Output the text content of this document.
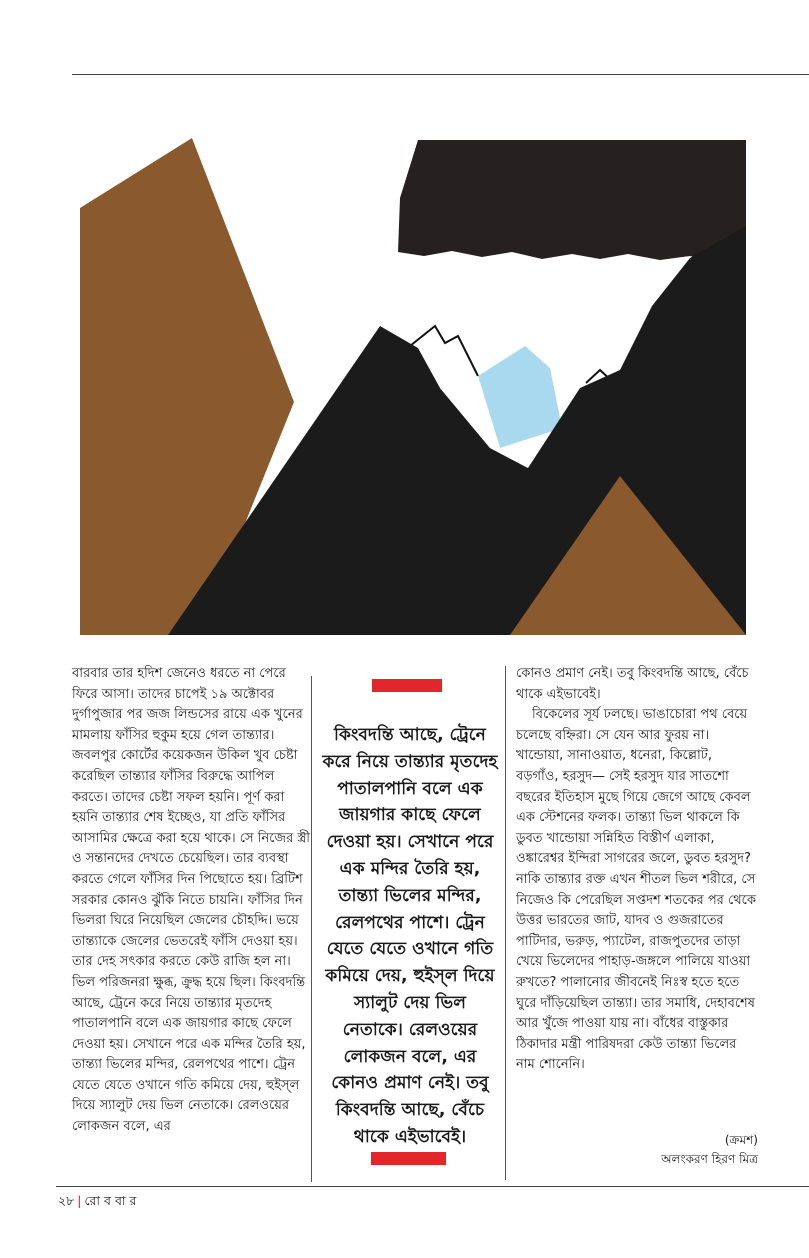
বারবার তার হদিশ জেনেও ধরতে না পেরে ফিরে আসা। তাদের চাপেই ১৯ অক্টোবর দুর্গাপুজার পর জজ লিন্ডসের রায়ে এক খুনের মামলায় ফাঁসির হুকুম হয়ে গেল তান্ত্যার। জবলপুর কোর্টের কয়েকজন উকিল খুব চেষ্টা করেছিল তান্ত্যার ফাঁসির বিরুদ্ধে আপিল করতে। তাদের চেষ্টা সফল হয়নি। পূর্ণ করা হয়নি তান্ত্যার শেষ ইচ্ছেও, যা প্রতি ফাঁসির আসামির ক্ষেত্রে করা হয়ে থাকে। সে নিজের স্ত্রী ও সন্তানদের দেখতে চেয়েছিল। তার ব্যবস্থা করতে গেলে ফাঁসির দিন পিছোতে হয়। ব্রিটিশ সরকার কোনও ঝুঁকি নিতে চায়নি। ফাঁসির দিন ভিলরা ঘিরে নিয়েছিল জেলের চৌহদ্দি। ভয়ে তান্ত্যাকে জেলের ভেতরেই ফাঁসি দেওয়া হয়। তার দেহ সৎকার করতে কেউ রাজি হল না। ভিল পরিজনরা ক্ষুব্ধ, ক্রুদ্ধ হয়ে ছিল। কিংবদন্তি আছে, ট্রেনে করে নিয়ে তান্ত্যার মৃতদেহ পাতালপানি বলে এক জায়গার কাছে ফেলে দেওয়া হয়। সেখানে পরে এক মন্দির তৈরি হয়, তান্ত্যা ভিলের মন্দির, রেলপথের পাশে। ট্রেন যেতে যেতে ওখানে গতি কমিয়ে দেয়, হুইস্‌ল দিয়ে স্যালুট দেয় ভিল নেতাকে। রেলওয়ের লোকজন বলে, এর

কিংবদন্তি আছে, ট্রেনে করে নিয়ে তান্ত্যার মৃতদেহ পাতালপানি বলে এক জায়গার কাছে ফেলে দেওয়া হয়। সেখানে পরে এক মন্দির তৈরি হয়, তান্ত্যা ভিলের মন্দির, রেলপথের পাশে। ট্রেন যেতে যেতে ওখানে গতি কমিয়ে দেয়, হুইস্‌ল দিয়ে স্যালুট দেয় ভিল নেতাকে। রেলওয়ের লোকজন বলে, এর কোনও প্রমাণ নেই। তবু কিংবদন্তি আছে, বেঁচে থাকে এইভাবেই।

কোনও প্রমাণ নেই। তবু কিংবদন্তি আছে, বেঁচে থাকে এইভাবেই।

বিকেলের সূর্য ঢলছে। ভাঙাচোরা পথ বেয়ে চলেছে বহ্নিরা। সে যেন আর ফুরয় না। খান্ডোয়া, সানাওয়াত, ধনেরা, কিল্লোট, বড়গাঁও, হরসুদ— সেই হরসুদ যার সাতশো বছরের ইতিহাস মুছে গিয়ে জেগে আছে কেবল এক স্টেশনের ফলক। তান্ত্যা ভিল থাকলে কি ডুবত খান্ডোয়া সন্নিহিত বিস্তীর্ণ এলাকা, ওঙ্কারেশ্বর ইন্দিরা সাগরের জলে, ডুবত হরসুদ? নাকি তান্ত্যার রক্ত এখন শীতল ভিল শরীরে, সে নিজেও কি পেরেছিল সপ্তদশ শতকের পর থেকে উত্তর ভারতের জাট, যাদব ও গুজরাতের পাটিদার, ভরুড়, প্যাটেল, রাজপুতদের তাড়া খেয়ে ভিলেদের পাহাড়-জঙ্গলে পালিয়ে যাওয়া রুখতে? পালানোর জীবনেই নিঃস্ব হতে হতে ঘুরে দাঁড়িয়েছিল তান্ত্যা। তার সমাধি, দেহাবশেষ আর খুঁজে পাওয়া যায় না। বাঁধের বাস্তুকার ঠিকাদার মন্ত্রী পারিষদরা কেউ তান্ত্যা ভিলের নাম শোনেনি।

(ক্রমশ)
অলংকরণ হিরণ মিত্র
২৮ | রো ব বা র
